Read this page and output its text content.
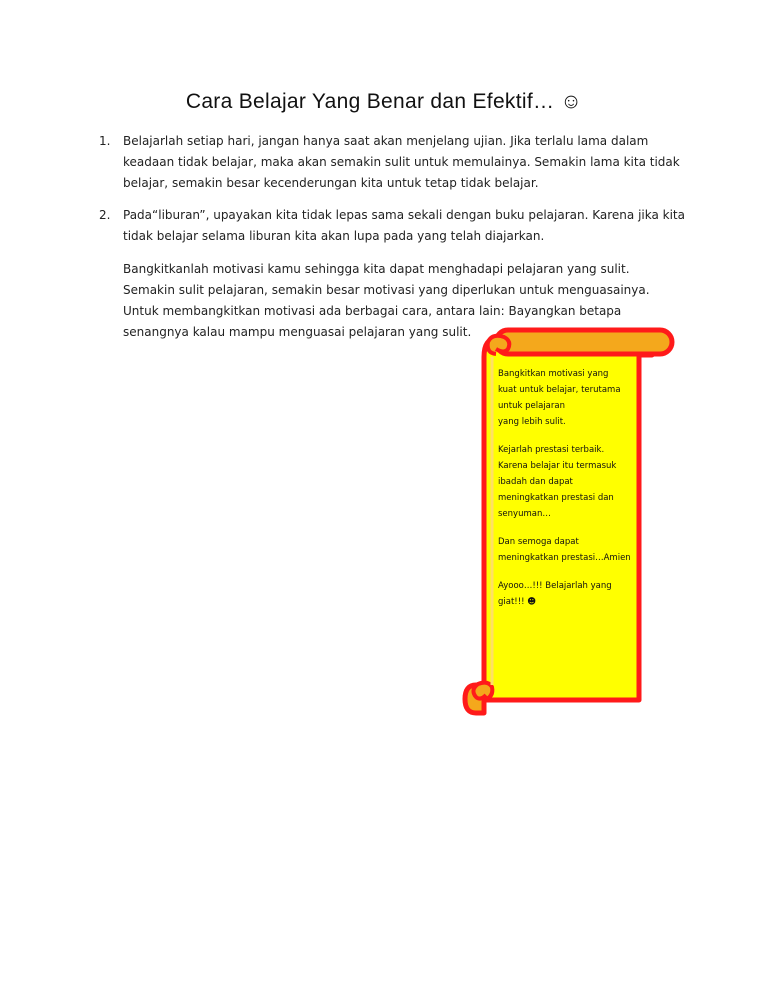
Cara Belajar Yang Benar dan Efektif… ☺
1. Belajarlah setiap hari, jangan hanya saat akan menjelang ujian. Jika terlalu lama dalam keadaan tidak belajar, maka akan semakin sulit untuk memulainya. Semakin lama kita tidak belajar, semakin besar kecenderungan kita untuk tetap tidak belajar.
2. Pada“liburan”, upayakan kita tidak lepas sama sekali dengan buku pelajaran. Karena jika kita tidak belajar selama liburan kita akan lupa pada yang telah diajarkan.
Bangkitkanlah motivasi kamu sehingga kita dapat menghadapi pelajaran yang sulit. Semakin sulit pelajaran, semakin besar motivasi yang diperlukan untuk menguasainya. Untuk membangkitkan motivasi ada berbagai cara, antara lain: Bayangkan betapa senangnya kalau mampu menguasai pelajaran yang sulit.

Bangkitkan motivasi yang
kuat untuk belajar, terutama
untuk pelajaran
yang lebih sulit.

Kejarlah prestasi terbaik.
Karena belajar itu termasuk
ibadah dan dapat
meningkatkan prestasi dan
senyuman…

Dan semoga dapat
meningkatkan prestasi…Amien

Ayooo…!!! Belajarlah yang
giat!!! ☻
